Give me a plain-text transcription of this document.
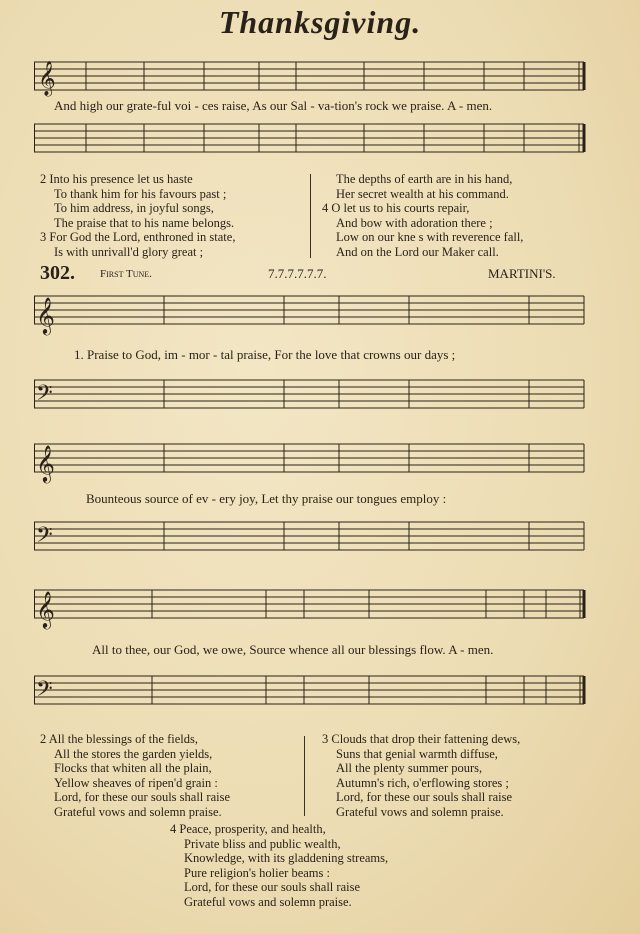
Thanksgiving.
𝄞
And high our grate-ful voi - ces raise, As our Sal - va-tion's rock we praise. A - men.
2 Into his presence let us haste
To thank him for his favours past ;
To him address, in joyful songs,
The praise that to his name belongs.
3 For God the Lord, enthroned in state,
Is with unrivall'd glory great ;
The depths of earth are in his hand,
Her secret wealth at his command.
4 O let us to his courts repair,
And bow with adoration there ;
Low on our kne s with reverence fall,
And on the Lord our Maker call.
302. First Tune.	7.7.7.7.7.7.	MARTINI'S.
𝄞
1. Praise to God, im - mor - tal praise, For the love that crowns our days ;
𝄢
𝄞
Bounteous source of ev - ery joy, Let thy praise our tongues employ :
𝄢
𝄞
All to thee, our God, we owe, Source whence all our blessings flow. A - men.
𝄢
2 All the blessings of the fields,
All the stores the garden yields,
Flocks that whiten all the plain,
Yellow sheaves of ripen'd grain :
Lord, for these our souls shall raise
Grateful vows and solemn praise.
3 Clouds that drop their fattening dews,
Suns that genial warmth diffuse,
All the plenty summer pours,
Autumn's rich, o'erflowing stores ;
Lord, for these our souls shall raise
Grateful vows and solemn praise.
4 Peace, prosperity, and health,
Private bliss and public wealth,
Knowledge, with its gladdening streams,
Pure religion's holier beams :
Lord, for these our souls shall raise
Grateful vows and solemn praise.
